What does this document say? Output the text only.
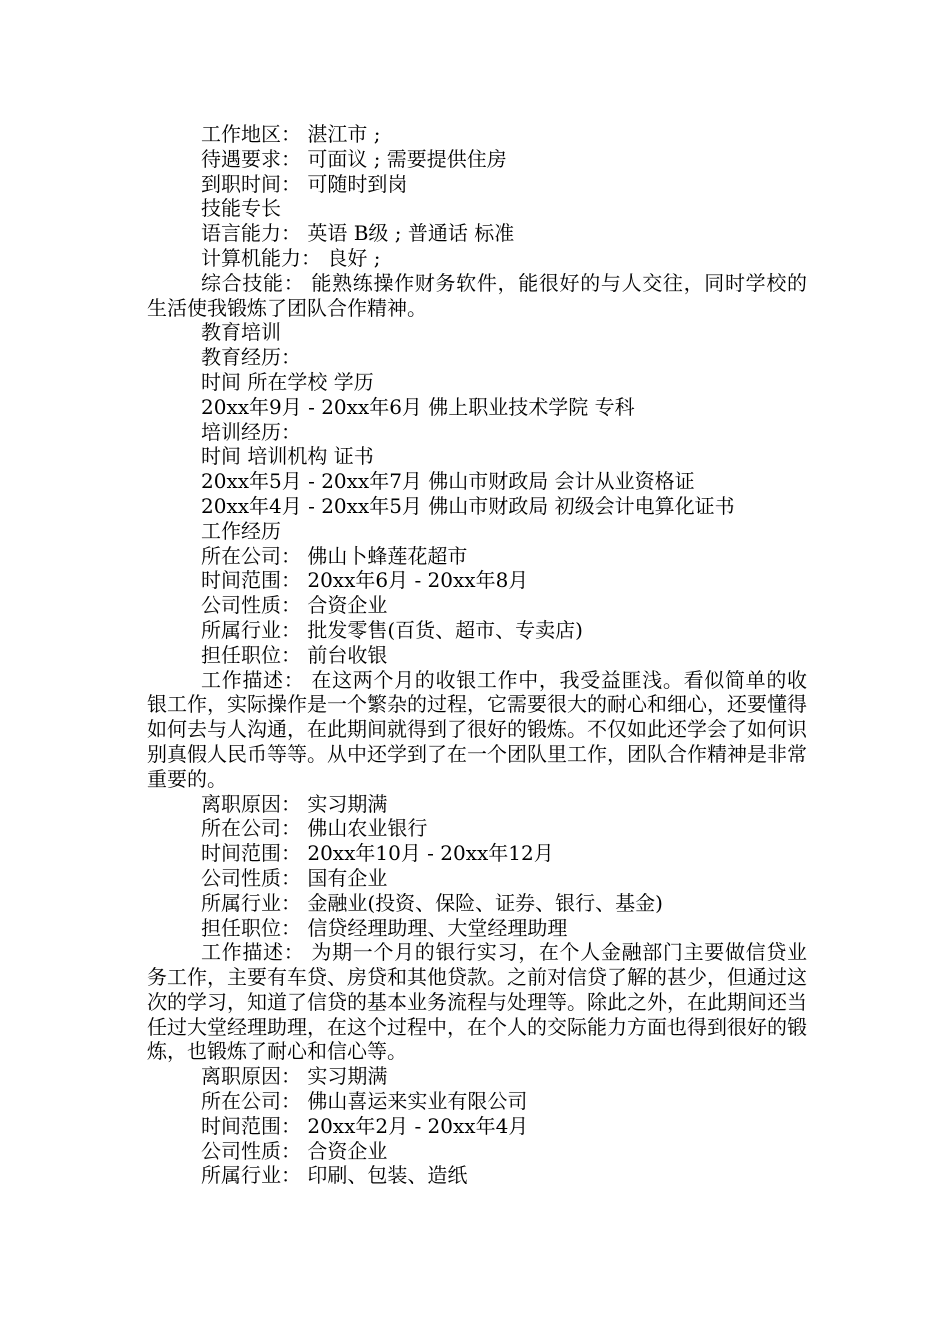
工作地区： 湛江市 ;
待遇要求： 可面议 ; 需要提供住房
到职时间： 可随时到岗
技能专长
语言能力： 英语 B级 ; 普通话 标准
计算机能力： 良好 ;
综合技能： 能熟练操作财务软件，能很好的与人交往，同时学校的生活使我锻炼了团队合作精神。
教育培训
教育经历：
时间 所在学校 学历
20xx年9月 - 20xx年6月 佛上职业技术学院 专科
培训经历：
时间 培训机构 证书
20xx年5月 - 20xx年7月 佛山市财政局 会计从业资格证
20xx年4月 - 20xx年5月 佛山市财政局 初级会计电算化证书
工作经历
所在公司： 佛山卜蜂莲花超市
时间范围： 20xx年6月 - 20xx年8月
公司性质： 合资企业
所属行业： 批发零售(百货、超市、专卖店)
担任职位： 前台收银
工作描述： 在这两个月的收银工作中，我受益匪浅。看似简单的收银工作，实际操作是一个繁杂的过程，它需要很大的耐心和细心，还要懂得如何去与人沟通，在此期间就得到了很好的锻炼。不仅如此还学会了如何识别真假人民币等等。从中还学到了在一个团队里工作，团队合作精神是非常重要的。
离职原因： 实习期满
所在公司： 佛山农业银行
时间范围： 20xx年10月 - 20xx年12月
公司性质： 国有企业
所属行业： 金融业(投资、保险、证券、银行、基金)
担任职位： 信贷经理助理、大堂经理助理
工作描述： 为期一个月的银行实习，在个人金融部门主要做信贷业务工作，主要有车贷、房贷和其他贷款。之前对信贷了解的甚少，但通过这次的学习，知道了信贷的基本业务流程与处理等。除此之外，在此期间还当任过大堂经理助理，在这个过程中，在个人的交际能力方面也得到很好的锻炼，也锻炼了耐心和信心等。
离职原因： 实习期满
所在公司： 佛山喜运来实业有限公司
时间范围： 20xx年2月 - 20xx年4月
公司性质： 合资企业
所属行业： 印刷、包装、造纸
